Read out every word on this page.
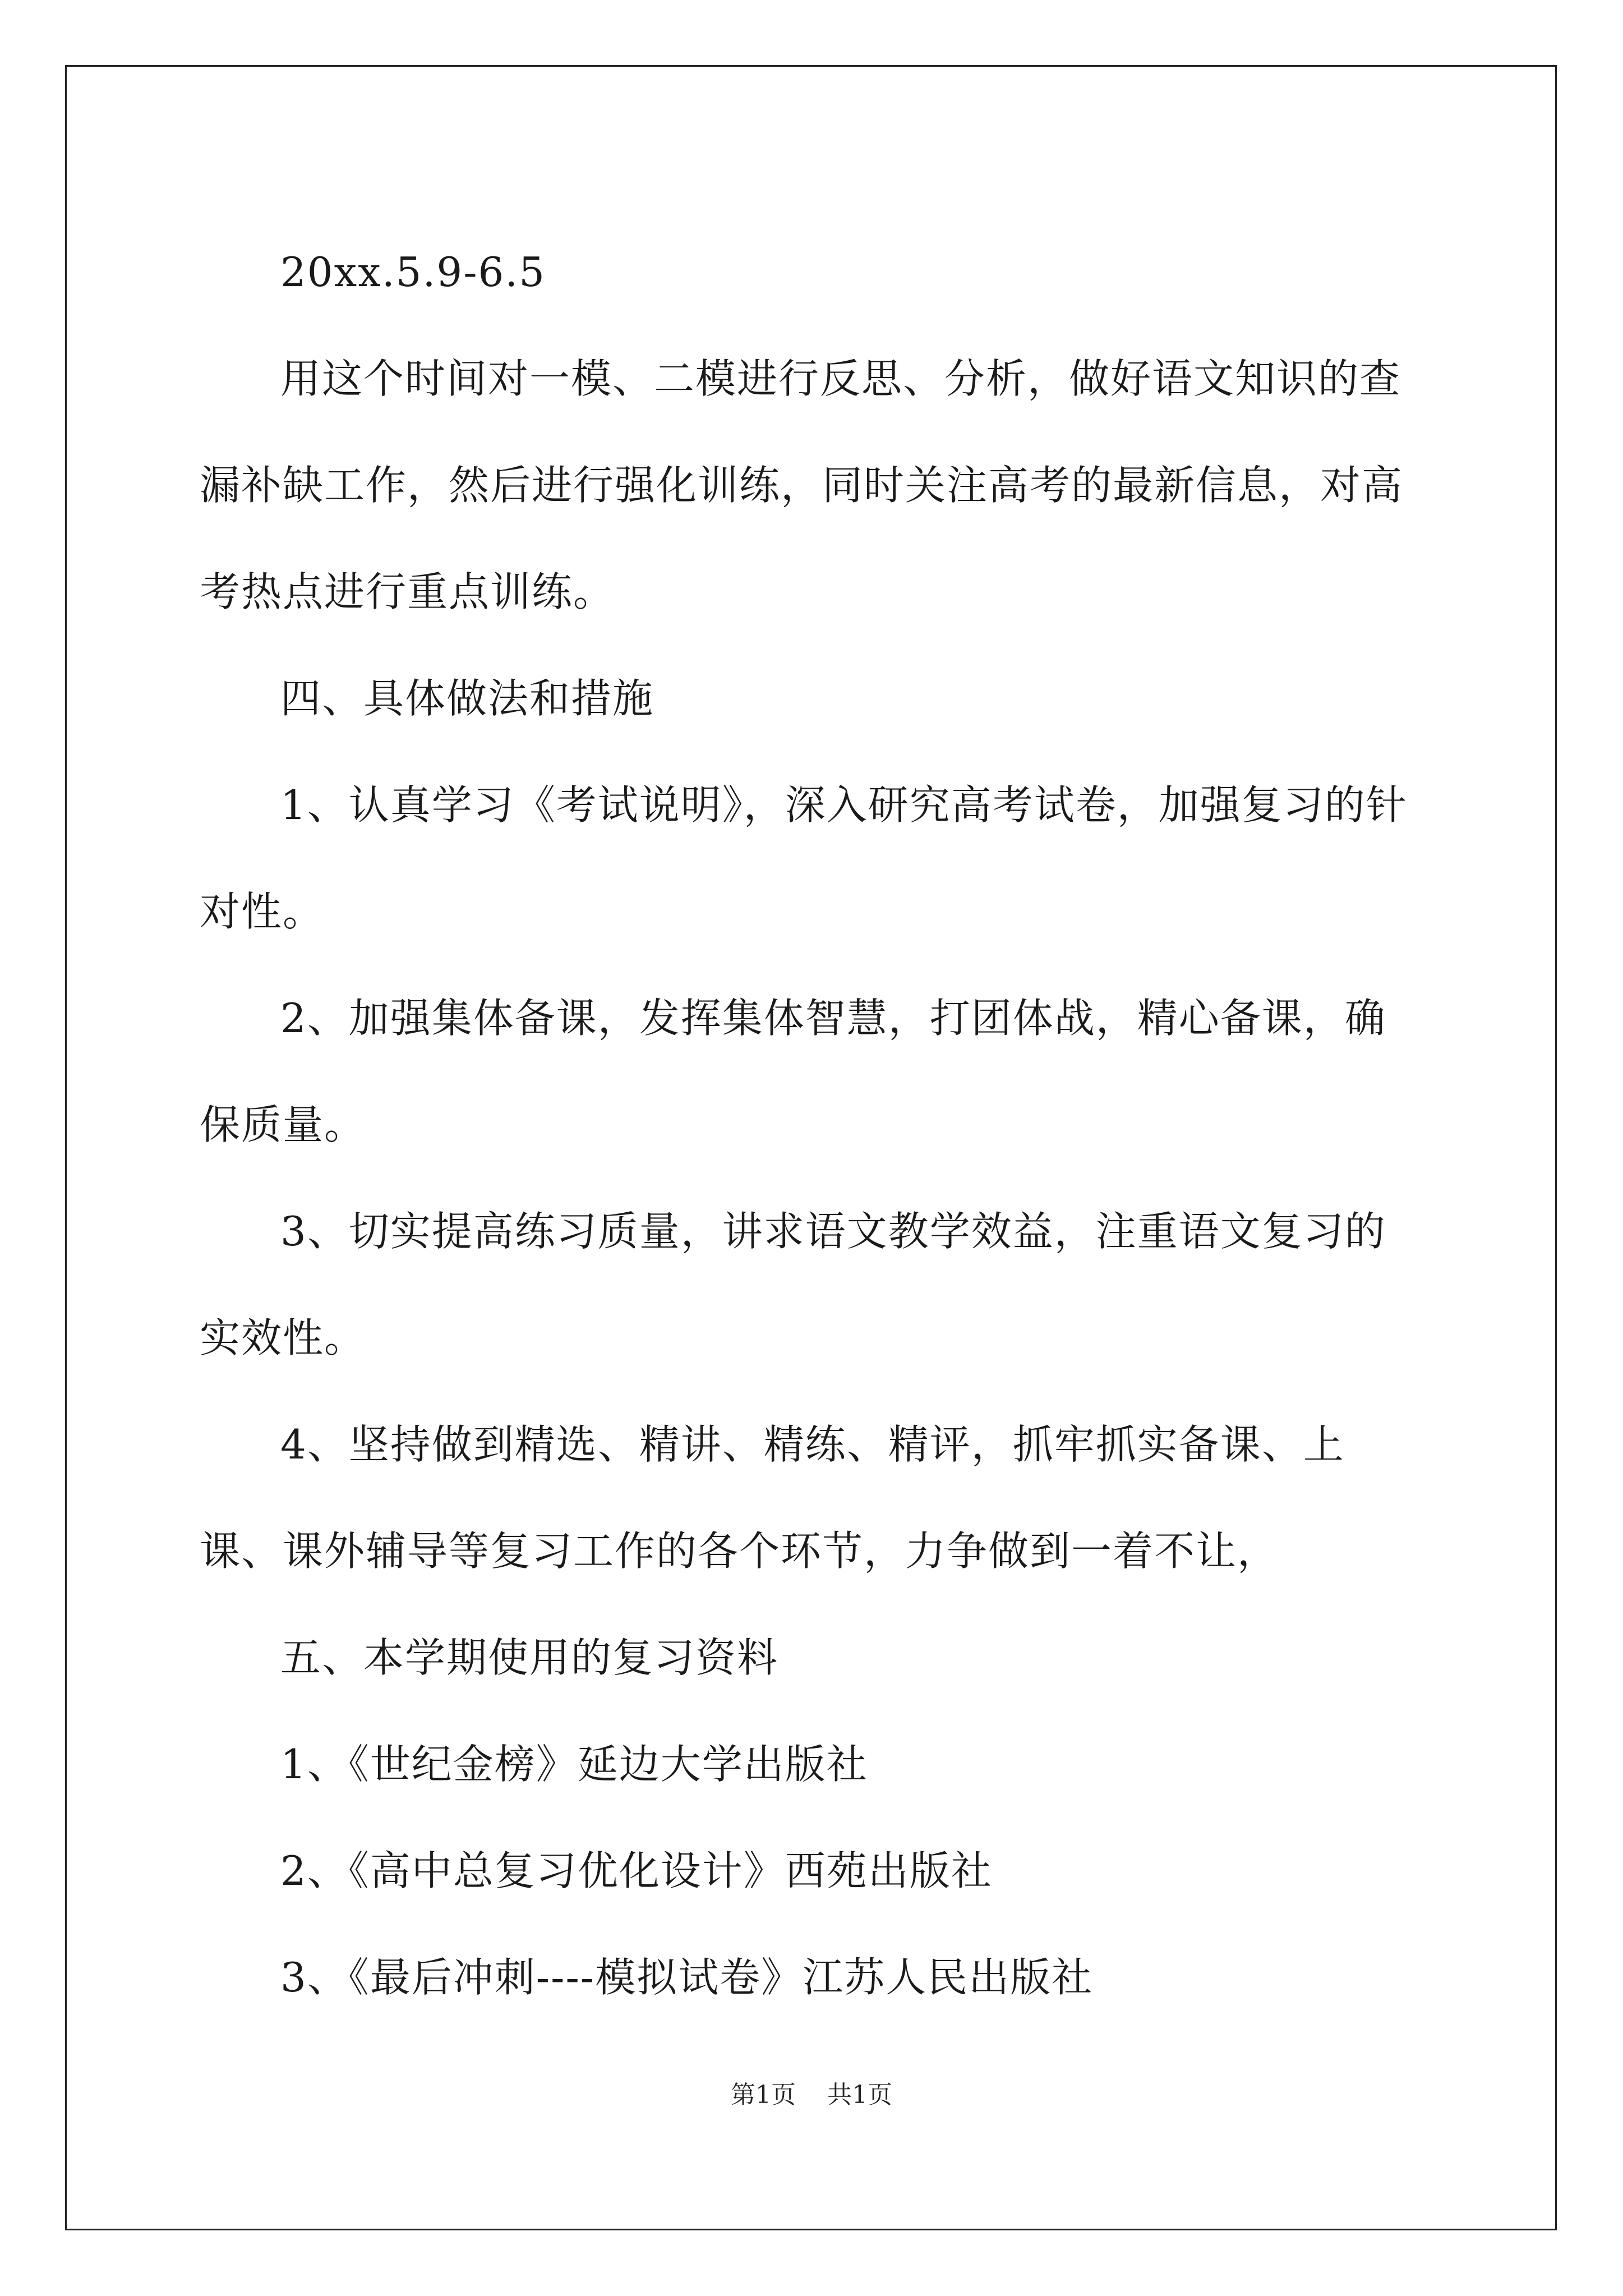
20xx.5.9-6.5

用这个时间对一模、二模进行反思、分析，做好语文知识的查漏补缺工作，然后进行强化训练，同时关注高考的最新信息，对高考热点进行重点训练。

四、具体做法和措施

1、认真学习《考试说明》，深入研究高考试卷，加强复习的针对性。

2、加强集体备课，发挥集体智慧，打团体战，精心备课，确保质量。

3、切实提高练习质量，讲求语文教学效益，注重语文复习的实效性。

4、坚持做到精选、精讲、精练、精评，抓牢抓实备课、上课、课外辅导等复习工作的各个环节，力争做到一着不让，

五、本学期使用的复习资料

1、《世纪金榜》延边大学出版社

2、《高中总复习优化设计》西苑出版社

3、《最后冲刺----模拟试卷》江苏人民出版社

第1页 共1页
